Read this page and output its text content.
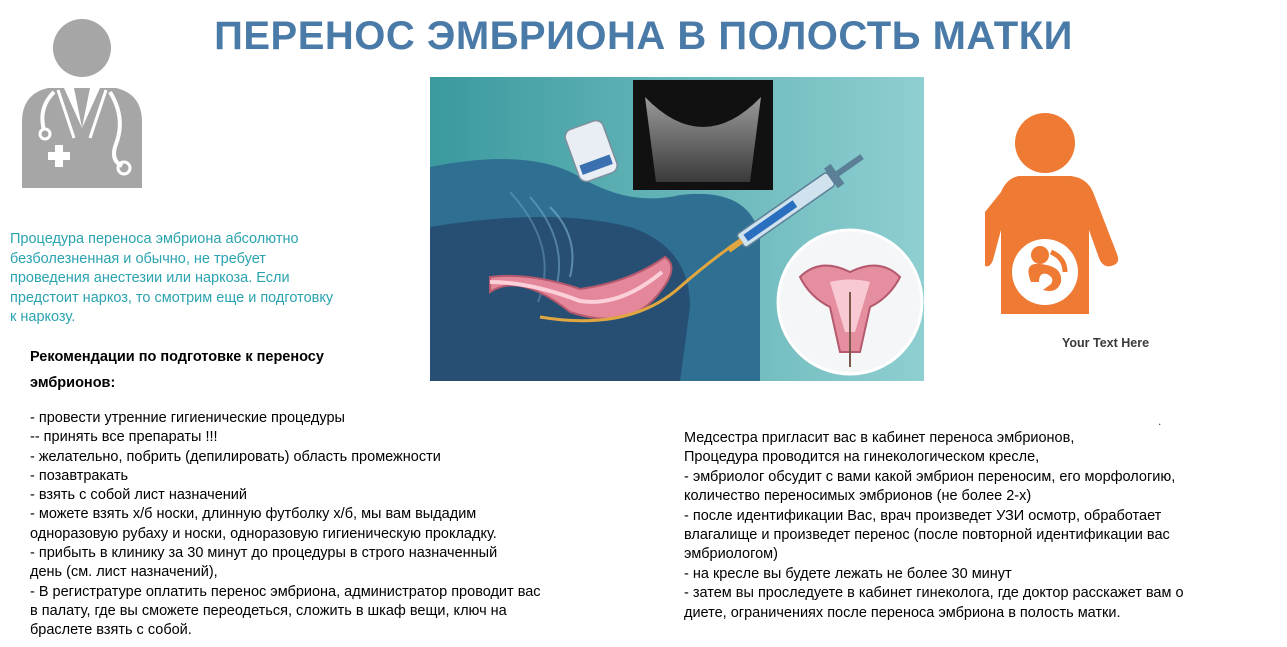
ПЕРЕНОС ЭМБРИОНА В ПОЛОСТЬ МАТКИ

Процедура переноса эмбриона абсолютно безболезненная и обычно, не требует проведения анестезии или наркоза. Если предстоит наркоз, то смотрим еще и подготовку к наркозу.

Рекомендации по подготовке к переносу эмбрионов:

- провести утренние гигиенические процедуры
-- принять все препараты !!!
- желательно, побрить (депилировать) область промежности
- позавтракать
- взять с собой лист назначений
- можете взять х/б носки, длинную футболку х/б, мы вам выдадим
одноразовую рубаху и носки, одноразовую гигиеническую прокладку.
- прибыть в клинику за 30 минут до процедуры в строго назначенный
день (см. лист назначений),
- В регистратуре оплатить перенос эмбриона, администратор проводит вас
в палату, где вы сможете переодеться, сложить в шкаф вещи, ключ на
браслете взять с собой.

Your Text Here

.
Медсестра пригласит вас в кабинет переноса эмбрионов,
Процедура проводится на гинекологическом кресле,
- эмбриолог обсудит с вами какой эмбрион переносим, его морфологию,
количество переносимых эмбрионов (не более 2-х)
- после идентификации Вас, врач произведет УЗИ осмотр, обработает
влагалище и произведет перенос (после повторной идентификации вас
эмбриологом)
- на кресле вы будете лежать не более 30 минут
- затем вы проследуете в кабинет гинеколога, где доктор расскажет вам о
диете, ограничениях после переноса эмбриона в полость матки.
